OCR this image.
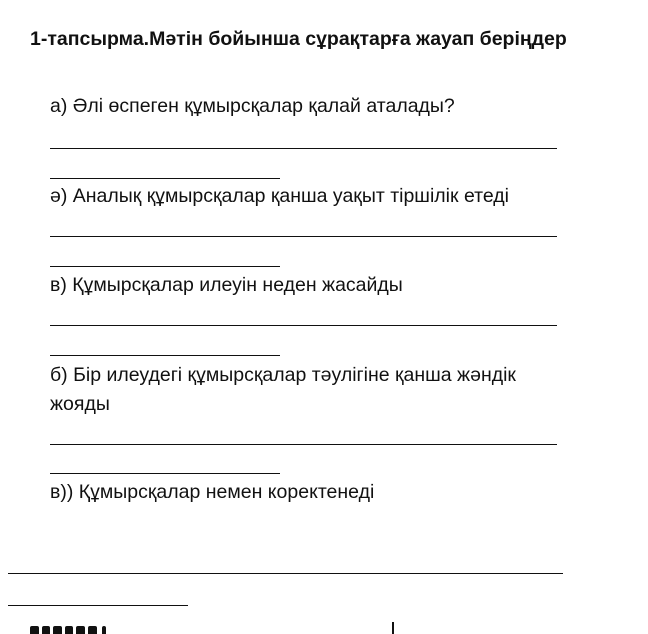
1-тапсырма.Мәтін бойынша сұрақтарға жауап беріңдер

а) Әлі өспеген құмырсқалар қалай аталады?

ә) Аналық құмырсқалар қанша уақыт тіршілік етеді

в) Құмырсқалар илеуін неден жасайды

б) Бір илеудегі құмырсқалар тәулігіне қанша жәндік жояды

в)) Құмырсқалар немен коректенеді
